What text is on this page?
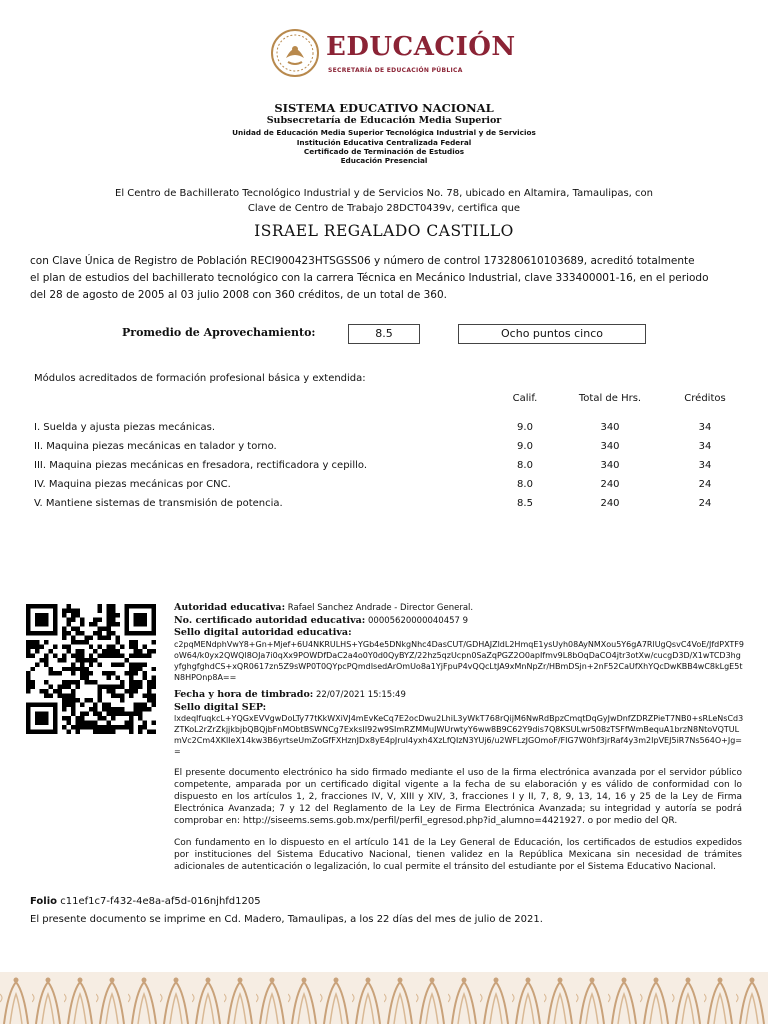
EDUCACIÓN
SECRETARÍA DE EDUCACIÓN PÚBLICA
SISTEMA EDUCATIVO NACIONAL
Subsecretaría de Educación Media Superior
Unidad de Educación Media Superior Tecnológica Industrial y de Servicios
Institución Educativa Centralizada Federal
Certificado de Terminación de Estudios
Educación Presencial
El Centro de Bachillerato Tecnológico Industrial y de Servicios No. 78, ubicado en Altamira, Tamaulipas, con
Clave de Centro de Trabajo 28DCT0439v, certifica que
ISRAEL REGALADO CASTILLO
con Clave Única de Registro de Población RECI900423HTSGSS06 y número de control 173280610103689, acreditó totalmente
el plan de estudios del bachillerato tecnológico con la carrera Técnica en Mecánico Industrial, clave 333400001-16, en el periodo
del 28 de agosto de 2005 al 03 julio 2008 con 360 créditos, de un total de 360.
Promedio de Aprovechamiento:	8.5	Ocho puntos cinco
Módulos acreditados de formación profesional básica y extendida:
	Calif.	Total de Hrs.	Créditos

I. Suelda y ajusta piezas mecánicas.	9.0	340	34
II. Maquina piezas mecánicas en talador y torno.	9.0	340	34
III. Maquina piezas mecánicas en fresadora, rectificadora y cepillo.	8.0	340	34
IV. Maquina piezas mecánicas por CNC.	8.0	240	24
V. Mantiene sistemas de transmisión de potencia.	8.5	240	24
Autoridad educativa: Rafael Sanchez Andrade - Director General.
No. certificado autoridad educativa: 00005620000040457 9
Sello digital autoridad educativa:
c2pqMENdphVwY8+Gn+Mjef+6U4NKRULHS+YGb4e5DNkgNhc4DasCUT/GDHAJZldL2HmqE1ysUyh08AyNMXou5Y6gA7RlUgQsvC4VoE/JfdPXTF9oW64/k0yx2QWQl8OJa7i0qXx9POWDfDaC2a4o0Y0d0QyBYZ/22hz5qzUcpn0SaZqPGZ2O0apIfmv9L8bOqDaCO4jtr3otXw/cucgD3D/X1wTCD3hgyfghgfghdCS+xQR0617zn5Z9sWP0T0QYpcPQmdIsedArOmUo8a1YjFpuP4vQQcLtJA9xMnNpZr/HBmDSjn+2nF52CaUfXhYQcDwKBB4wC8kLgE5tN8HPOnp8A==
Fecha y hora de timbrado: 22/07/2021 15:15:49
Sello digital SEP:
lxdeqIfuqkcL+YQGxEVVgwDoLTy77tKkWXiVJ4mEvKeCq7E2ocDwu2LhiL3yWkT768rQijM6NwRdBpzCmqtDqGyJwDnfZDRZPieT7NB0+sRLeNsCd3ZTKoL2rZrZkjjkbjbQBQjbFnMObtBSWNCg7ExksII92w9SImRZMMuJWUrwtyY6ww8B9C62Y9dis7Q8KSULwr508zTSFfWmBequA1brzN8NtoVQTULmVc2Cm4XKlIeX14kw3B6yrtseUmZoGfFXHznJDx8yE4pJruI4yxh4XzLfQIzN3YUj6/u2WFLzJGOmoF/FIG7W0hf3jrRaf4y3m2IpVEJ5iR7Ns564O+Jg==
El presente documento electrónico ha sido firmado mediante el uso de la firma electrónica avanzada por el servidor público competente, amparada por un certificado digital vigente a la fecha de su elaboración y es válido de conformidad con lo dispuesto en los artículos 1, 2, fracciones IV, V, XIII y XIV, 3, fracciones I y II, 7, 8, 9, 13, 14, 16 y 25 de la Ley de Firma Electrónica Avanzada; 7 y 12 del Reglamento de la Ley de Firma Electrónica Avanzada; su integridad y autoría se podrá comprobar en: http://siseems.sems.gob.mx/perfil/perfil_egresod.php?id_alumno=4421927. o por medio del QR.
Con fundamento en lo dispuesto en el artículo 141 de la Ley General de Educación, los certificados de estudios expedidos por instituciones del Sistema Educativo Nacional, tienen validez en la República Mexicana sin necesidad de trámites adicionales de autenticación o legalización, lo cual permite el tránsito del estudiante por el Sistema Educativo Nacional.
Folio c11ef1c7-f432-4e8a-af5d-016njhfd1205
El presente documento se imprime en Cd. Madero, Tamaulipas, a los 22 días del mes de julio de 2021.
